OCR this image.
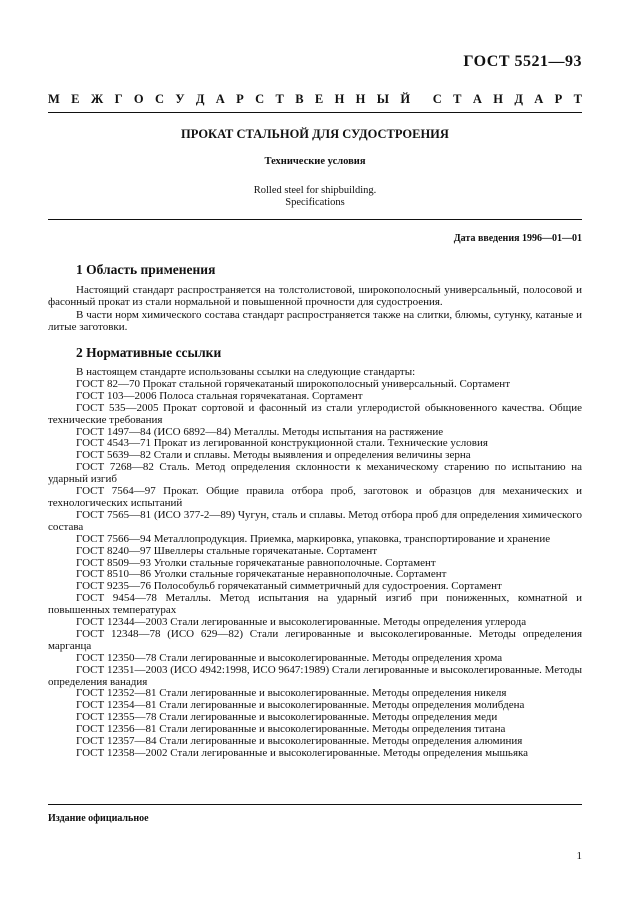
ГОСТ 5521—93
М Е Ж Г О С У Д А Р С Т В Е Н Н Ы Й С Т А Н Д А Р Т
ПРОКАТ СТАЛЬНОЙ ДЛЯ СУДОСТРОЕНИЯ
Технические условия
Rolled steel for shipbuilding.
Specifications
Дата введения 1996—01—01
1 Область применения

Настоящий стандарт распространяется на толстолистовой, широкополосный универсальный, полосовой и фасонный прокат из стали нормальной и повышенной прочности для судостроения.

В части норм химического состава стандарт распространяется также на слитки, блюмы, сутунку, катаные и литые заготовки.

2 Нормативные ссылки

В настоящем стандарте использованы ссылки на следующие стандарты:

ГОСТ 82—70 Прокат стальной горячекатаный широкополосный универсальный. Сортамент

ГОСТ 103—2006 Полоса стальная горячекатаная. Сортамент

ГОСТ 535—2005 Прокат сортовой и фасонный из стали углеродистой обыкновенного качества. Общие технические требования

ГОСТ 1497—84 (ИСО 6892—84) Металлы. Методы испытания на растяжение

ГОСТ 4543—71 Прокат из легированной конструкционной стали. Технические условия

ГОСТ 5639—82 Стали и сплавы. Методы выявления и определения величины зерна

ГОСТ 7268—82 Сталь. Метод определения склонности к механическому старению по испытанию на ударный изгиб

ГОСТ 7564—97 Прокат. Общие правила отбора проб, заготовок и образцов для механических и технологических испытаний

ГОСТ 7565—81 (ИСО 377-2—89) Чугун, сталь и сплавы. Метод отбора проб для определения химического состава

ГОСТ 7566—94 Металлопродукция. Приемка, маркировка, упаковка, транспортирование и хранение

ГОСТ 8240—97 Швеллеры стальные горячекатаные. Сортамент

ГОСТ 8509—93 Уголки стальные горячекатаные равнополочные. Сортамент

ГОСТ 8510—86 Уголки стальные горячекатаные неравнополочные. Сортамент

ГОСТ 9235—76 Полособульб горячекатаный симметричный для судостроения. Сортамент

ГОСТ 9454—78 Металлы. Метод испытания на ударный изгиб при пониженных, комнатной и повышенных температурах

ГОСТ 12344—2003 Стали легированные и высоколегированные. Методы определения углерода

ГОСТ 12348—78 (ИСО 629—82) Стали легированные и высоколегированные. Методы определения марганца

ГОСТ 12350—78 Стали легированные и высоколегированные. Методы определения хрома

ГОСТ 12351—2003 (ИСО 4942:1998, ИСО 9647:1989) Стали легированные и высоколегированные. Методы определения ванадия

ГОСТ 12352—81 Стали легированные и высоколегированные. Методы определения никеля

ГОСТ 12354—81 Стали легированные и высоколегированные. Методы определения молибдена

ГОСТ 12355—78 Стали легированные и высоколегированные. Методы определения меди

ГОСТ 12356—81 Стали легированные и высоколегированные. Методы определения титана

ГОСТ 12357—84 Стали легированные и высоколегированные. Методы определения алюминия

ГОСТ 12358—2002 Стали легированные и высоколегированные. Методы определения мышьяка

Издание официальное
1
